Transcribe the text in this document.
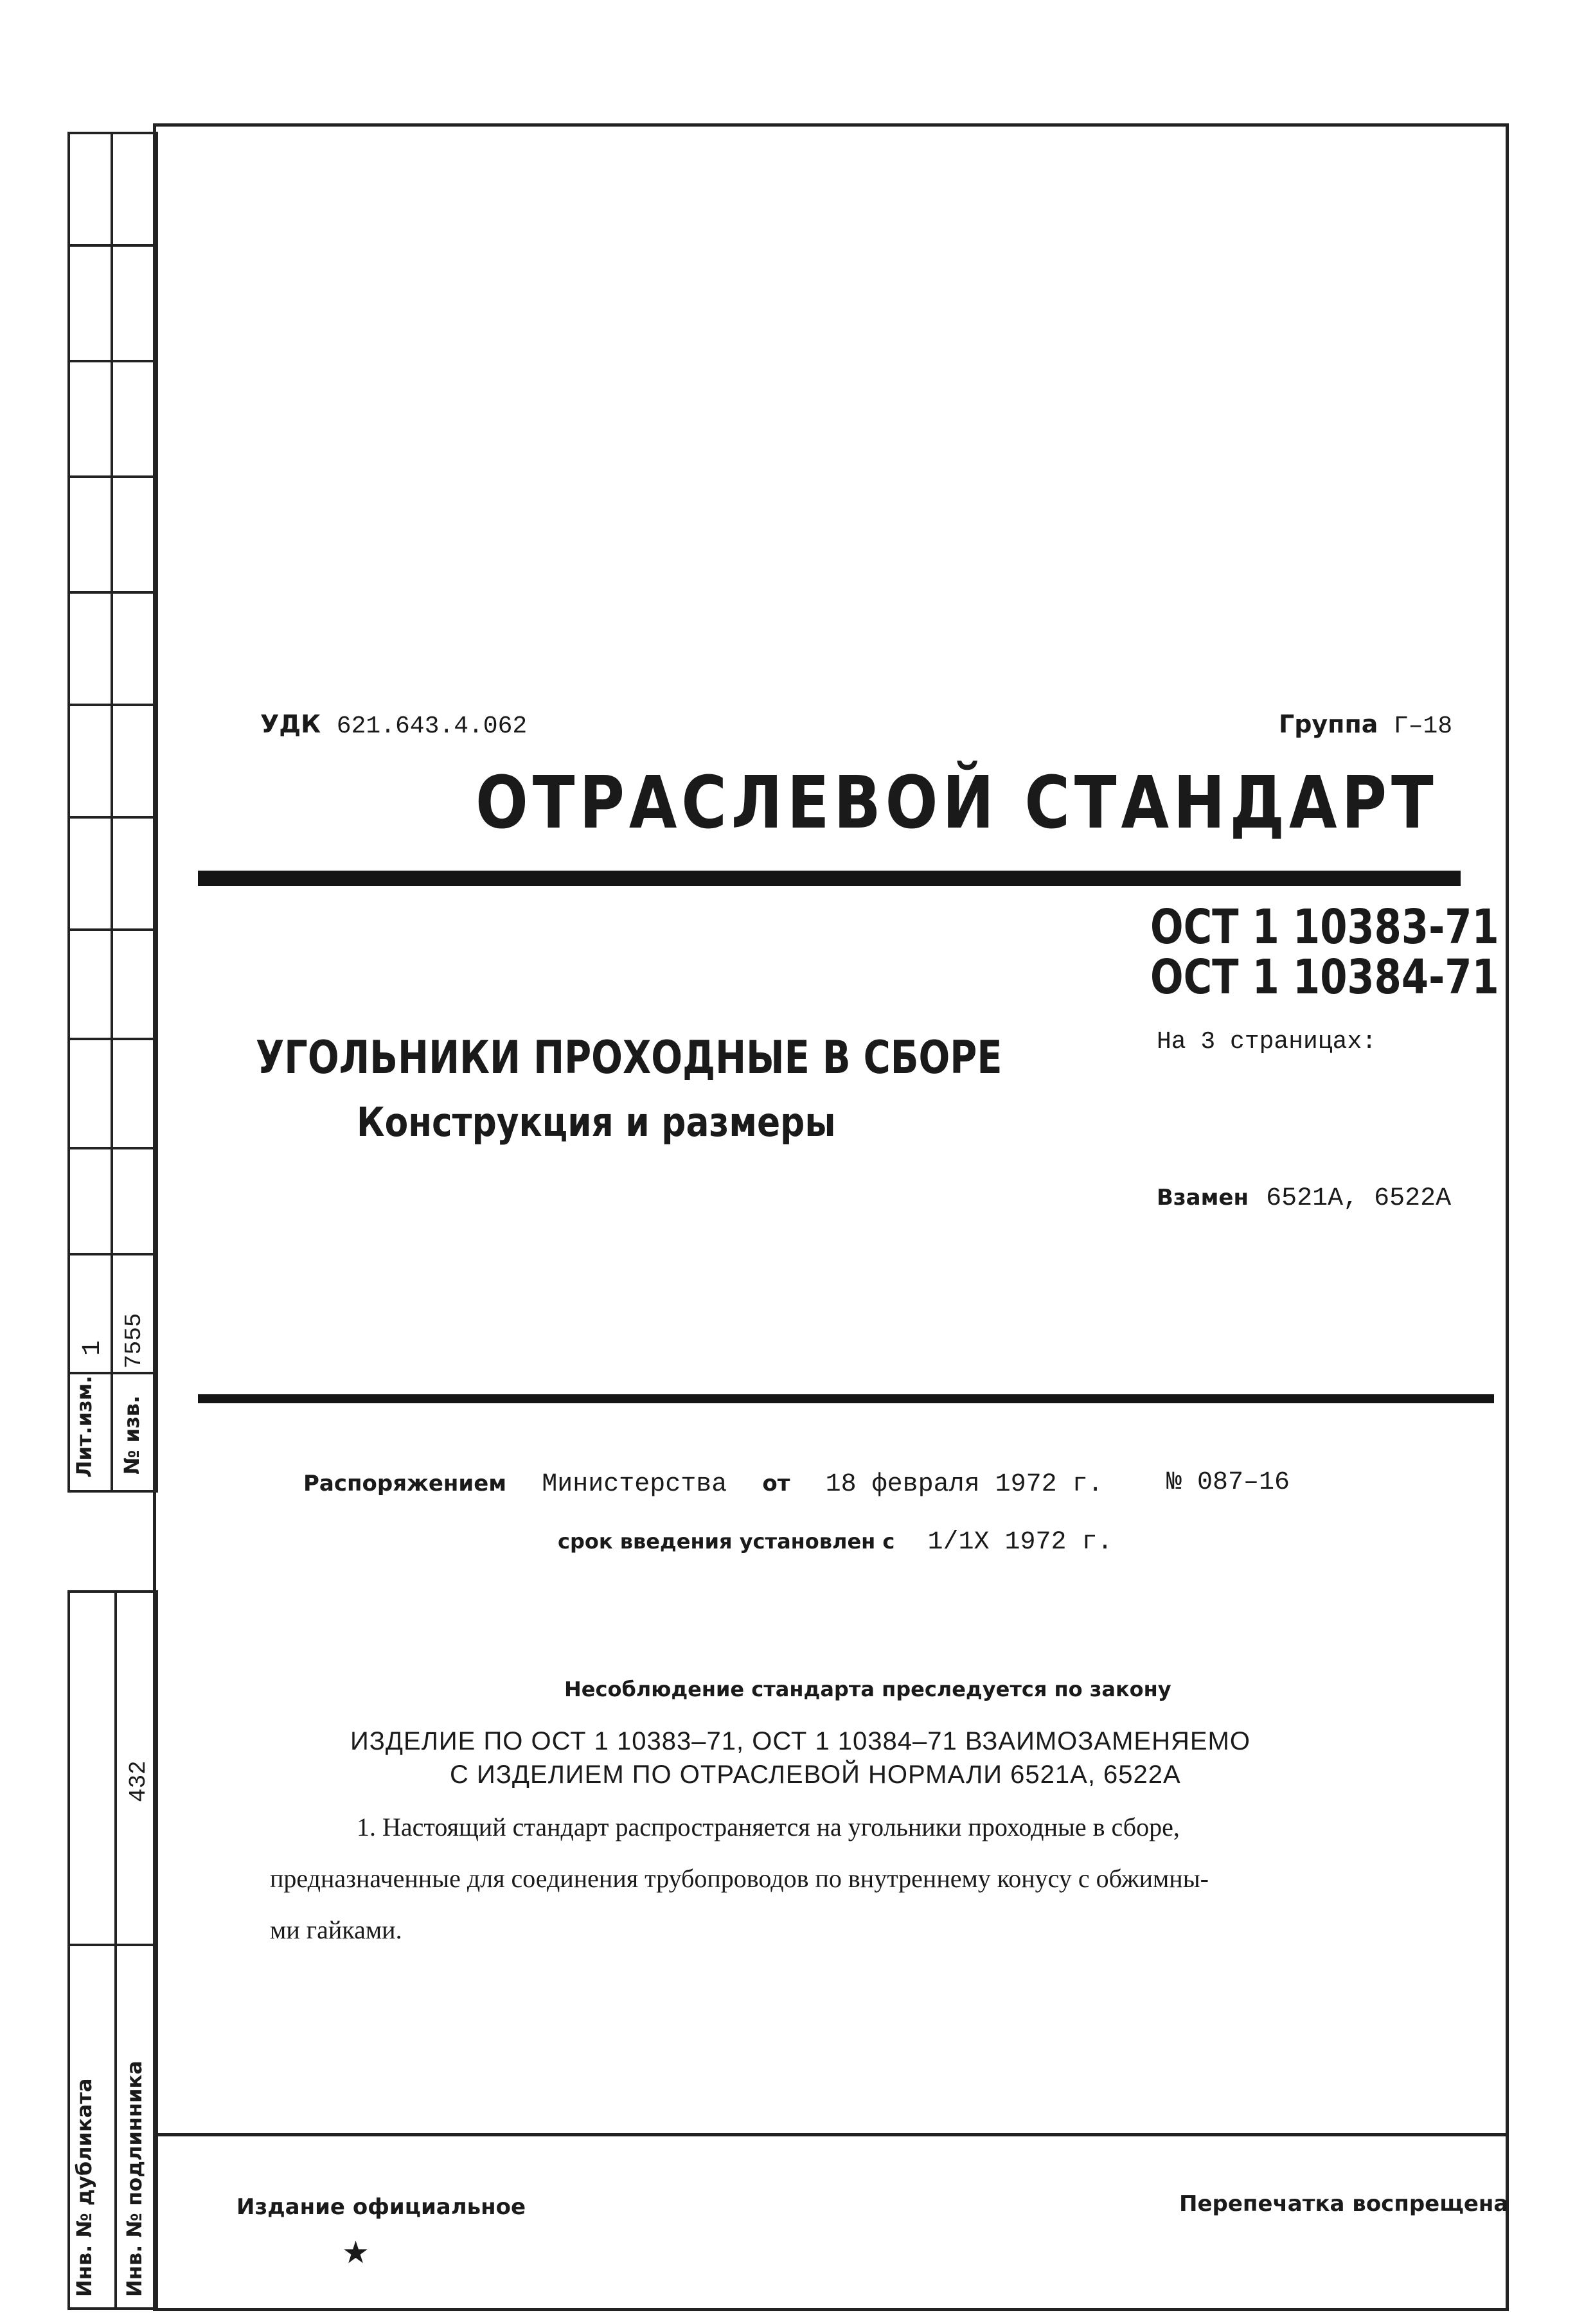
1 7555
Лит.изм. № изв.
432
Инв. № дубликата Инв. № подлинника
УДК 621.643.4.062	Группа Г–18
ОТРАСЛЕВОЙ СТАНДАРТ
ОСТ 1 10383-71
ОСТ 1 10384-71
УГОЛЬНИКИ ПРОХОДНЫЕ В СБОРЕ
Конструкция и размеры
На 3 страницах:
Взамен 6521А, 6522А
Распоряжением Министерства от 18 февраля 1972 г. № 087–16
срок введения установлен с 1/1Х 1972 г.
Несоблюдение стандарта преследуется по закону
ИЗДЕЛИЕ ПО ОСТ 1 10383–71, ОСТ 1 10384–71 ВЗАИМОЗАМЕНЯЕМО
С ИЗДЕЛИЕМ ПО ОТРАСЛЕВОЙ НОРМАЛИ 6521А, 6522А
1. Настоящий стандарт распространяется на угольники проходные в сборе,
предназначенные для соединения трубопроводов по внутреннему конусу с обжимны-
ми гайками.
Издание официальное
★
Перепечатка воспрещена
